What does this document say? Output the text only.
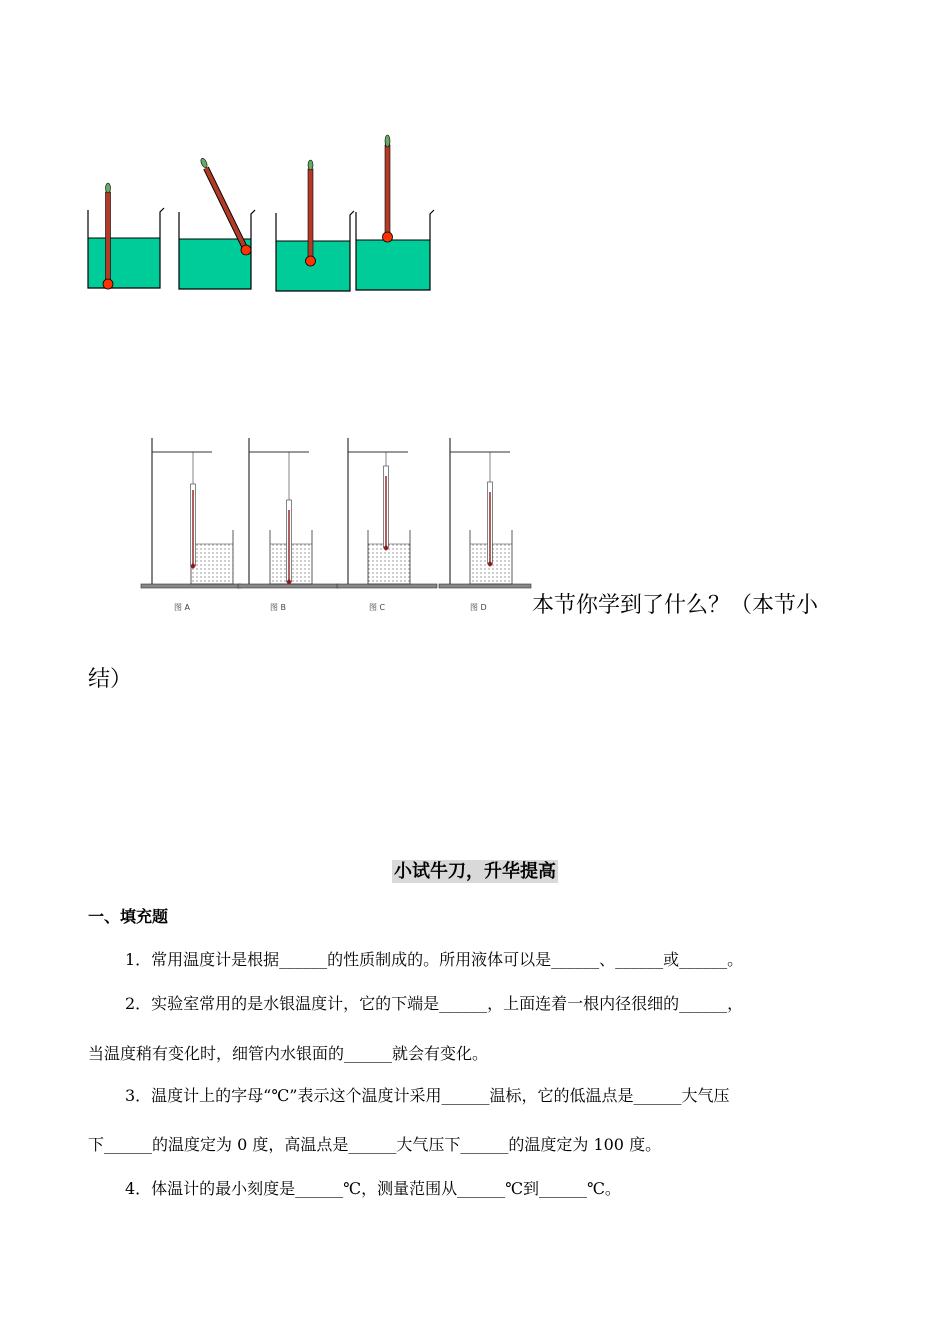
图 A	图 B	图 C	图 D 本节你学到了什么？（本节小
结）
小试牛刀，升华提高
一、填充题
1．常用温度计是根据______的性质制成的。所用液体可以是______、______或______。
2．实验室常用的是水银温度计，它的下端是______，上面连着一根内径很细的______，
当温度稍有变化时，细管内水银面的______就会有变化。
3．温度计上的字母“℃”表示这个温度计采用______温标，它的低温点是______大气压
下______的温度定为 0 度，高温点是______大气压下______的温度定为 100 度。
4．体温计的最小刻度是______℃，测量范围从______℃到______℃。
